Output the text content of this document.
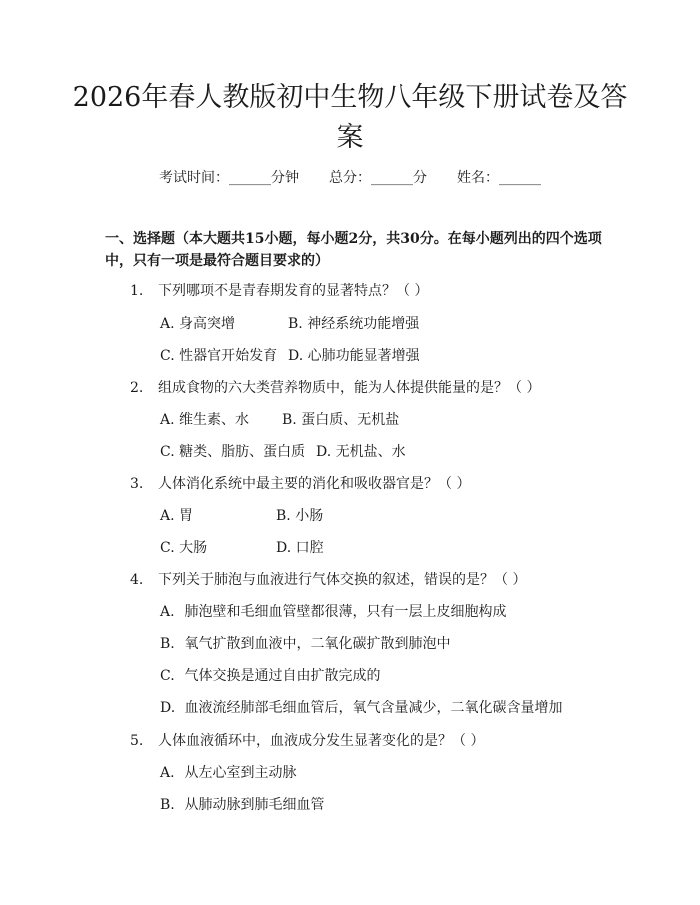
2026年春人教版初中生物八年级下册试卷及答案
考试时间：______分钟 总分：______分 姓名：______
一、选择题（本大题共15小题，每小题2分，共30分。在每小题列出的四个选项中，只有一项是最符合题目要求的）
1. 下列哪项不是青春期发育的显著特点？（ ）
A. 身高突增	B. 神经系统功能增强
C. 性器官开始发育 D. 心肺功能显著增强
2. 组成食物的六大类营养物质中，能为人体提供能量的是？（ ）
A. 维生素、水 B. 蛋白质、无机盐
C. 糖类、脂肪、蛋白质 D. 无机盐、水
3. 人体消化系统中最主要的消化和吸收器官是？（ ）
A. 胃	B. 小肠
C. 大肠	D. 口腔
4. 下列关于肺泡与血液进行气体交换的叙述，错误的是？（ ）
A. 肺泡壁和毛细血管壁都很薄，只有一层上皮细胞构成
B. 氧气扩散到血液中，二氧化碳扩散到肺泡中
C. 气体交换是通过自由扩散完成的
D. 血液流经肺部毛细血管后，氧气含量减少，二氧化碳含量增加
5. 人体血液循环中，血液成分发生显著变化的是？（ ）
A. 从左心室到主动脉
B. 从肺动脉到肺毛细血管
